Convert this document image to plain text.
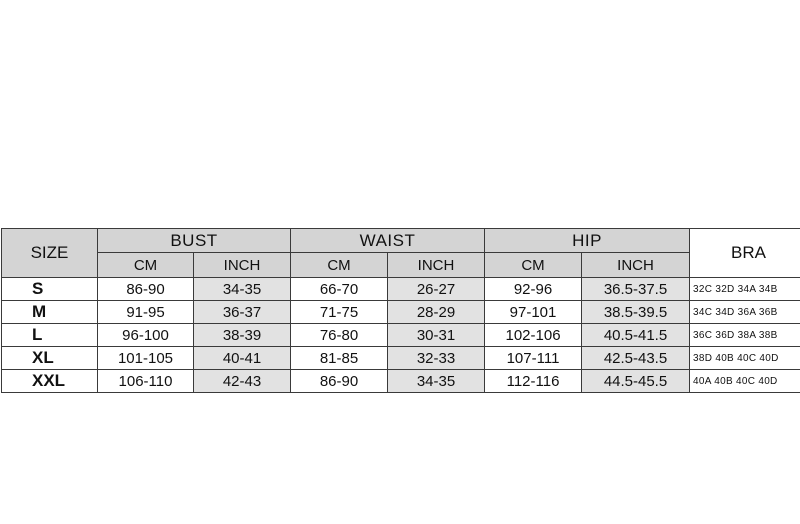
SIZE	BUST		WAIST		HIP		BRA
	CM	INCH	CM	INCH	CM	INCH	
S	86-90	34-35	66-70	26-27	92-96	36.5-37.5	32C 32D 34A 34B
M	91-95	36-37	71-75	28-29	97-101	38.5-39.5	34C 34D 36A 36B
L	96-100	38-39	76-80	30-31	102-106	40.5-41.5	36C 36D 38A 38B
XL	101-105	40-41	81-85	32-33	107-111	42.5-43.5	38D 40B 40C 40D
XXL	106-110	42-43	86-90	34-35	112-116	44.5-45.5	40A 40B 40C 40D
